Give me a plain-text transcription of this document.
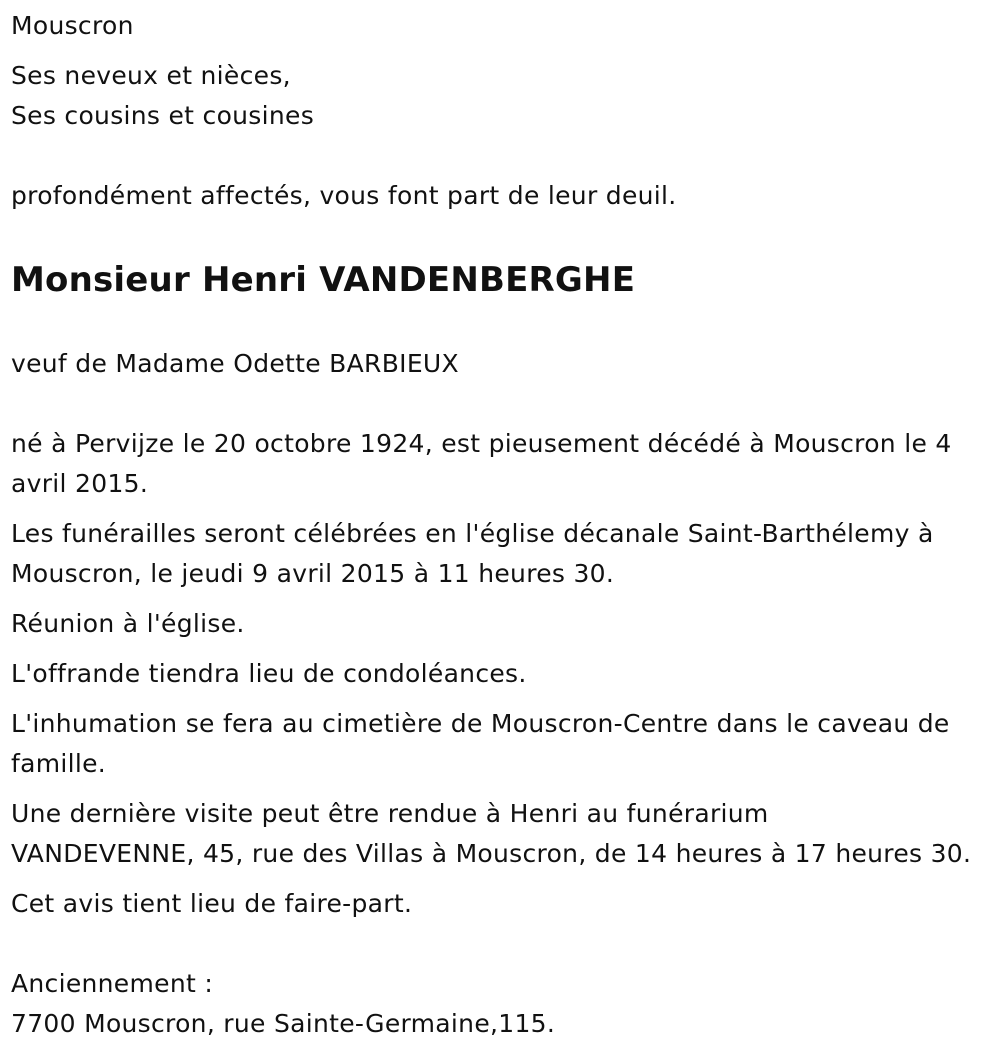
Mouscron
Ses neveux et nièces,
Ses cousins et cousines
profondément affectés, vous font part de leur deuil.
Monsieur Henri VANDENBERGHE
veuf de Madame Odette BARBIEUX
né à Pervijze le 20 octobre 1924, est pieusement décédé à Mouscron le 4
avril 2015.
Les funérailles seront célébrées en l'église décanale Saint-Barthélemy à
Mouscron, le jeudi 9 avril 2015 à 11 heures 30.
Réunion à l'église.
L'offrande tiendra lieu de condoléances.
L'inhumation se fera au cimetière de Mouscron-Centre dans le caveau de
famille.
Une dernière visite peut être rendue à Henri au funérarium
VANDEVENNE, 45, rue des Villas à Mouscron, de 14 heures à 17 heures 30.
Cet avis tient lieu de faire-part.
Anciennement :
7700 Mouscron, rue Sainte-Germaine,115.
